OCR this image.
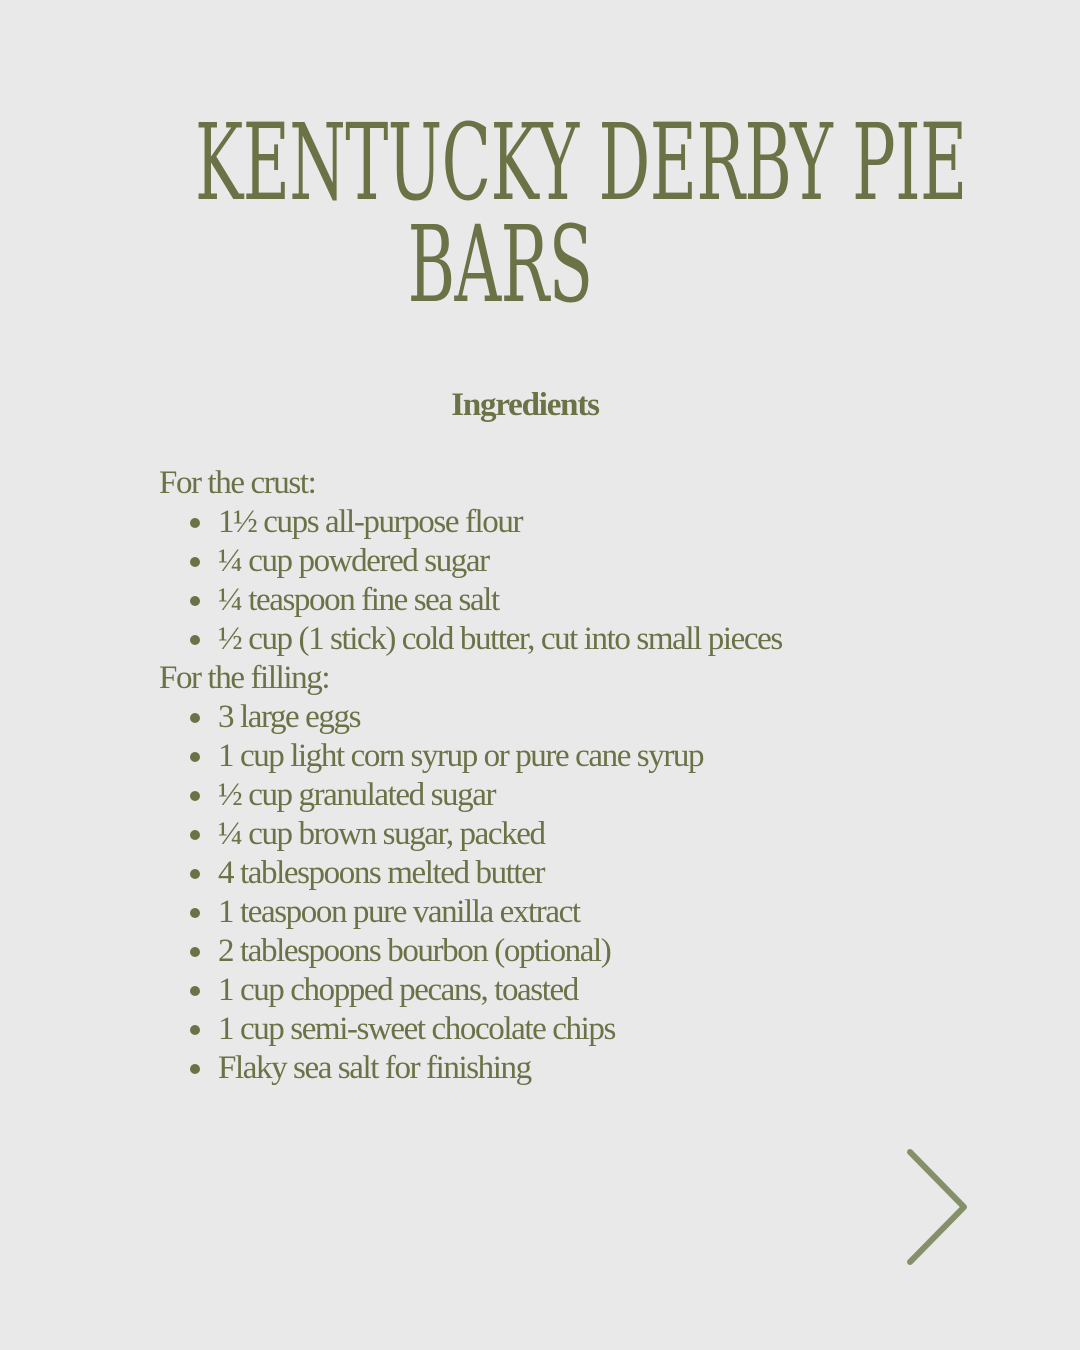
KENTUCKY DERBY PIE
BARS
Ingredients
For the crust:
1½ cups all-purpose flour
¼ cup powdered sugar
¼ teaspoon fine sea salt
½ cup (1 stick) cold butter, cut into small pieces
For the filling:
3 large eggs
1 cup light corn syrup or pure cane syrup
½ cup granulated sugar
¼ cup brown sugar, packed
4 tablespoons melted butter
1 teaspoon pure vanilla extract
2 tablespoons bourbon (optional)
1 cup chopped pecans, toasted
1 cup semi-sweet chocolate chips
Flaky sea salt for finishing
